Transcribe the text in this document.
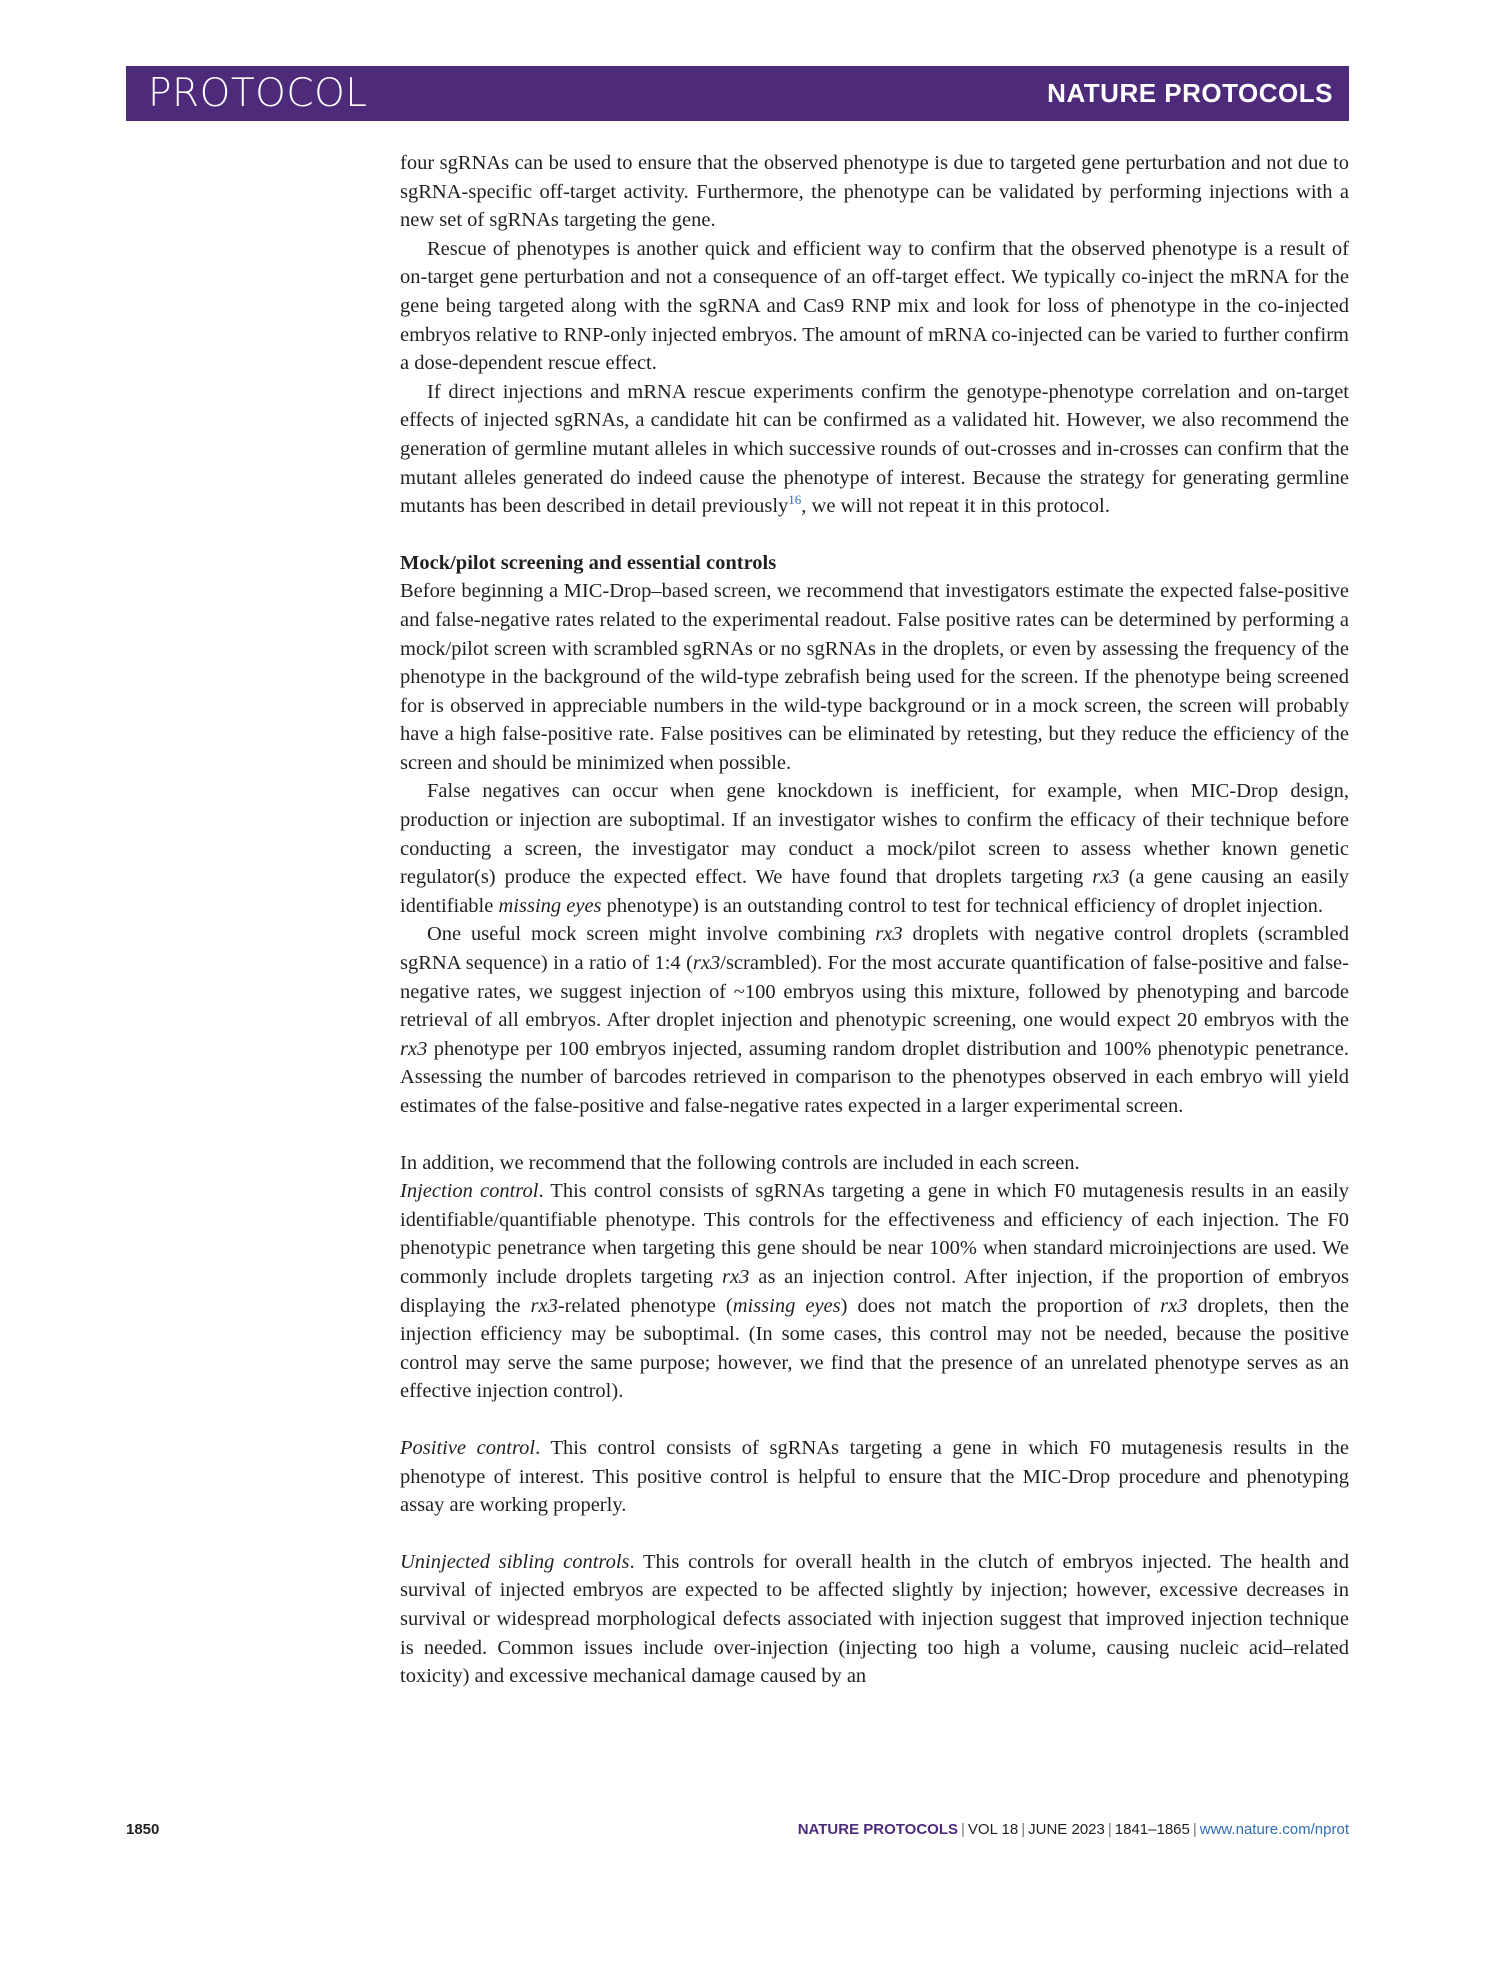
PROTOCOL	NATURE PROTOCOLS

four sgRNAs can be used to ensure that the observed phenotype is due to targeted gene perturbation and not due to sgRNA-specific off-target activity. Furthermore, the phenotype can be validated by performing injections with a new set of sgRNAs targeting the gene.

Rescue of phenotypes is another quick and efficient way to confirm that the observed phenotype is a result of on-target gene perturbation and not a consequence of an off-target effect. We typically co-inject the mRNA for the gene being targeted along with the sgRNA and Cas9 RNP mix and look for loss of phenotype in the co-injected embryos relative to RNP-only injected embryos. The amount of mRNA co-injected can be varied to further confirm a dose-dependent rescue effect.

If direct injections and mRNA rescue experiments confirm the genotype-phenotype correlation and on-target effects of injected sgRNAs, a candidate hit can be confirmed as a validated hit. However, we also recommend the generation of germline mutant alleles in which successive rounds of out-crosses and in-crosses can confirm that the mutant alleles generated do indeed cause the phenotype of interest. Because the strategy for generating germline mutants has been described in detail previously$^{16}$, we will not repeat it in this protocol.

Mock/pilot screening and essential controls

Before beginning a MIC-Drop–based screen, we recommend that investigators estimate the expected false-positive and false-negative rates related to the experimental readout. False positive rates can be determined by performing a mock/pilot screen with scrambled sgRNAs or no sgRNAs in the droplets, or even by assessing the frequency of the phenotype in the background of the wild-type zebrafish being used for the screen. If the phenotype being screened for is observed in appreciable numbers in the wild-type background or in a mock screen, the screen will probably have a high false-positive rate. False positives can be eliminated by retesting, but they reduce the efficiency of the screen and should be minimized when possible.

False negatives can occur when gene knockdown is inefficient, for example, when MIC-Drop design, production or injection are suboptimal. If an investigator wishes to confirm the efficacy of their technique before conducting a screen, the investigator may conduct a mock/pilot screen to assess whether known genetic regulator(s) produce the expected effect. We have found that droplets targeting rx3 (a gene causing an easily identifiable missing eyes phenotype) is an outstanding control to test for technical efficiency of droplet injection.

One useful mock screen might involve combining rx3 droplets with negative control droplets (scrambled sgRNA sequence) in a ratio of 1:4 (rx3/scrambled). For the most accurate quantification of false-positive and false-negative rates, we suggest injection of ~100 embryos using this mixture, followed by phenotyping and barcode retrieval of all embryos. After droplet injection and phenotypic screening, one would expect 20 embryos with the rx3 phenotype per 100 embryos injected, assuming random droplet distribution and 100% phenotypic penetrance. Assessing the number of barcodes retrieved in comparison to the phenotypes observed in each embryo will yield estimates of the false-positive and false-negative rates expected in a larger experimental screen.

In addition, we recommend that the following controls are included in each screen.

Injection control. This control consists of sgRNAs targeting a gene in which F0 mutagenesis results in an easily identifiable/quantifiable phenotype. This controls for the effectiveness and efficiency of each injection. The F0 phenotypic penetrance when targeting this gene should be near 100% when standard microinjections are used. We commonly include droplets targeting rx3 as an injection control. After injection, if the proportion of embryos displaying the rx3-related phenotype (missing eyes) does not match the proportion of rx3 droplets, then the injection efficiency may be suboptimal. (In some cases, this control may not be needed, because the positive control may serve the same purpose; however, we find that the presence of an unrelated phenotype serves as an effective injection control).

Positive control. This control consists of sgRNAs targeting a gene in which F0 mutagenesis results in the phenotype of interest. This positive control is helpful to ensure that the MIC-Drop procedure and phenotyping assay are working properly.

Uninjected sibling controls. This controls for overall health in the clutch of embryos injected. The health and survival of injected embryos are expected to be affected slightly by injection; however, excessive decreases in survival or widespread morphological defects associated with injection suggest that improved injection technique is needed. Common issues include over-injection (injecting too high a volume, causing nucleic acid–related toxicity) and excessive mechanical damage caused by an

1850	NATURE PROTOCOLS | VOL 18 | JUNE 2023 | 1841–1865 | www.nature.com/nprot
